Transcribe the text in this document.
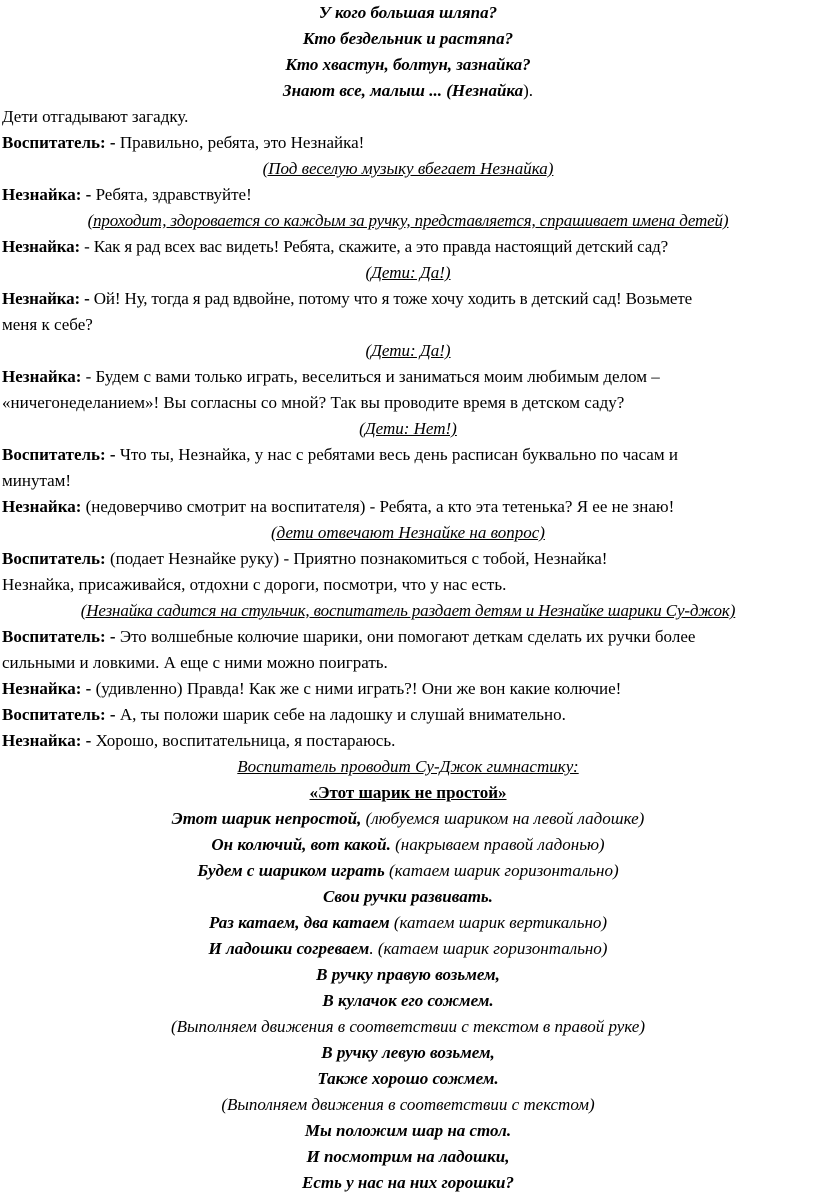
У кого большая шляпа?

Кто бездельник и растяпа?

Кто хвастун, болтун, зазнайка?

Знают все, малыш ... (Незнайка).

Дети отгадывают загадку.

Воспитатель: - Правильно, ребята, это Незнайка!

(Под веселую музыку вбегает Незнайка)

Незнайка: - Ребята, здравствуйте!

(проходит, здоровается со каждым за ручку, представляется, спрашивает имена детей)

Незнайка: - Как я рад всех вас видеть! Ребята, скажите, а это правда настоящий детский сад?

(Дети: Да!)

Незнайка: - Ой! Ну, тогда я рад вдвойне, потому что я тоже хочу ходить в детский сад! Возьмете

меня к себе?

(Дети: Да!)

Незнайка: - Будем с вами только играть, веселиться и заниматься моим любимым делом –

«ничегонеделанием»! Вы согласны со мной? Так вы проводите время в детском саду?

(Дети: Нет!)

Воспитатель: - Что ты, Незнайка, у нас с ребятами весь день расписан буквально по часам и

минутам!

Незнайка: (недоверчиво смотрит на воспитателя) - Ребята, а кто эта тетенька? Я ее не знаю!

(дети отвечают Незнайке на вопрос)

Воспитатель: (подает Незнайке руку) - Приятно познакомиться с тобой, Незнайка!

Незнайка, присаживайся, отдохни с дороги, посмотри, что у нас есть.

(Незнайка садится на стульчик, воспитатель раздает детям и Незнайке шарики Су-джок)

Воспитатель: - Это волшебные колючие шарики, они помогают деткам сделать их ручки более

сильными и ловкими. А еще с ними можно поиграть.

Незнайка: - (удивленно) Правда! Как же с ними играть?! Они же вон какие колючие!

Воспитатель: - А, ты положи шарик себе на ладошку и слушай внимательно.

Незнайка: - Хорошо, воспитательница, я постараюсь.

Воспитатель проводит Су-Джок гимнастику:

«Этот шарик не простой»

Этот шарик непростой, (любуемся шариком на левой ладошке)

Он колючий, вот какой. (накрываем правой ладонью)

Будем с шариком играть (катаем шарик горизонтально)

Свои ручки развивать.

Раз катаем, два катаем (катаем шарик вертикально)

И ладошки согреваем. (катаем шарик горизонтально)

В ручку правую возьмем,

В кулачок его сожмем.

(Выполняем движения в соответствии с текстом в правой руке)

В ручку левую возьмем,

Также хорошо сожмем.

(Выполняем движения в соответствии с текстом)

Мы положим шар на стол.

И посмотрим на ладошки,

Есть у нас на них горошки?
